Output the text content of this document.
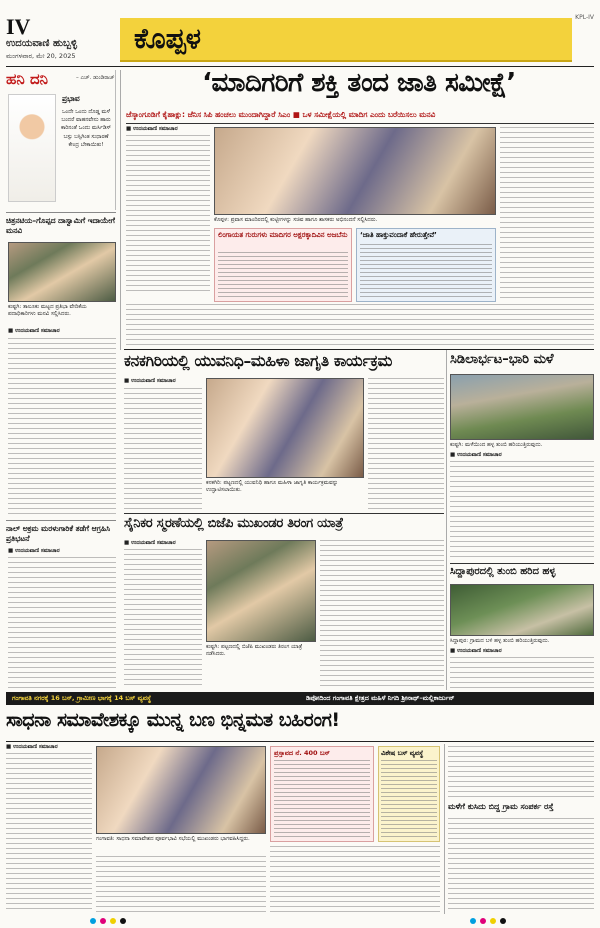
IV
ಉದಯವಾಣಿ ಹುಬ್ಬಳ್ಳಿ
ಮಂಗಳವಾರ, ಮೇ 20, 2025
ಕೊಪ್ಪಳ
KPL-IV
ಹನಿ ದನಿ	– ಎಚ್. ಡುಂಡಿರಾಜ್
ಪ್ರಭಾವ
ಒಂದೇ ಒಂದು ದೊಡ್ಡ ಮಳೆ ಬಂದರೆ ವಾಹನವೇನು ಹಾರು ಕಾರಿನಂತೆ ಒಂದು ಮರ್ಸಿಡಿಸ್ ಬಸ್ಸು ಬಸ್ಸಿಗಿಂತ ಸುಧಾರಣೆ ಕೇಂದ್ರ ಬೇಕಾಯಿತು!
‘ಮಾದಿಗರಿಗೆ ಶಕ್ತಿ ತಂದ ಜಾತಿ ಸಮೀಕ್ಷೆ’
ಜೆಸ್ಕಾಂಗೂಡಿಗೆ ಕೈಹಾಕ್ಲು: ಜೆನಿಸ ಸಿಪಿ ಹಂಚಲು ಮುಂದಾಗಿದ್ದಾರೆ ಸಿಎಂ ■ ಒಳ ಸಮೀಕ್ಷೆಯಲ್ಲಿ ಮಾದಿಗ ಎಂದು ಬರೆಯಿಸಲು ಮನವಿ
■ ಉದಯವಾಣಿ ಸಮಾಚಾರ
ಕೊಪ್ಪಳ: ಪ್ರವಾಸ ಮಾಂದಿರದಲ್ಲಿ ಕುಟ್ಟೀಗಳನ್ನು ಸಚಿವ ಹಾಗೂ ಶಾಸಕರು ಅಭಿನಂದನೆ ಸಲ್ಲಿಸಿದರು.
ಲಿಂಗಾಯತ ಗುರುಗಳು ಮಾದಿಗರ ಅಕ್ಷರಕ್ಕಾದಿವಿನ ಅಜಬೆನು ‘ಜಾತಿ ಹಾಕ್ತುವಂದಾಕೆ ಹೇರುತ್ತೇವೆ’
ಚಿತ್ರನಟಿಯ–ಗೊಪ್ಪದ ದಾಸ್ವಾಮಿಗೆ ಇದಾಯೇಗೆ ಮನವಿ
ಕುಷ್ಟಗಿ: ತಾಲೂಕು ಮಟ್ಟದ ಪ್ರತಿಭಾ ವೇದಿಕೆಯ ಪದಾಧಿಕಾರಿಗಳು ಮನವಿ ಸಲ್ಲಿಸಿದರು.
■ ಉದಯವಾಣಿ ಸಮಾಚಾರ
ನಾಲ್ ಅಕ್ರಮ ಮರಳುಗಾರಿಕೆ ತಡೆಗೆ ಆಗ್ರಹಿಸಿ ಪ್ರತಿಭಟನೆ
■ ಉದಯವಾಣಿ ಸಮಾಚಾರ
ಕನಕಗಿರಿಯಲ್ಲಿ ಯುವನಿಧಿ–ಮಹಿಳಾ ಜಾಗೃತಿ ಕಾರ್ಯಕ್ರಮ
■ ಉದಯವಾಣಿ ಸಮಾಚಾರ
ಕನಕಗಿರಿ: ಪಟ್ಟಣದಲ್ಲಿ ಯುವನಿಧಿ ಹಾಗೂ ಮಹಿಳಾ ಜಾಗೃತಿ ಕಾರ್ಯಕ್ರಮವನ್ನು ಉದ್ಘಾಟಿಸಲಾಯಿತು.
ಸಿಡಿಲಾರ್ಭಟ–ಭಾರಿ ಮಳೆ
ಕುಷ್ಟಗಿ: ಮಳೆಯಿಂದ ಹಳ್ಳ ತುಂಬಿ ಹರಿಯುತ್ತಿರುವುದು.
■ ಉದಯವಾಣಿ ಸಮಾಚಾರ
ಸೈನಿಕರ ಸ್ಮರಣೆಯಲ್ಲಿ ಬಿಜೆಪಿ ಮುಖಂಡರ ತಿರಂಗ ಯಾತ್ರೆ
■ ಉದಯವಾಣಿ ಸಮಾಚಾರ
ಕುಷ್ಟಗಿ: ಪಟ್ಟಣದಲ್ಲಿ ಬಿಜೆಪಿ ಮುಖಂಡರು ತಿರಂಗ ಯಾತ್ರೆ ನಡೆಸಿದರು.
ಸಿದ್ದಾಪುರದಲ್ಲಿ ತುಂಬಿ ಹರಿದ ಹಳ್ಳ
ಸಿದ್ದಾಪುರ: ಗ್ರಾಮದ ಬಳಿ ಹಳ್ಳ ತುಂಬಿ ಹರಿಯುತ್ತಿರುವುದು.
■ ಉದಯವಾಣಿ ಸಮಾಚಾರ
ಗಂಗಾವತಿ ನಗರಕ್ಕೆ 16 ಬಸ್, ಗ್ರಾಮೀಣ ಭಾಗಕ್ಕೆ 14 ಬಸ್ ವ್ಯವಸ್ಥೆ	ಡಿಪೋದಿಂದ ಗಂಗಾವತಿ ಕ್ಷೇತ್ರದ ಮಹಿಳೆ ನಿಗದಿ ಶ್ರೀನಾಥ್–ಮಲ್ಲಿಕಾರ್ಜುನ್
ಸಾಧನಾ ಸಮಾವೇಶಕ್ಕೂ ಮುನ್ನ ಬಣ ಭಿನ್ನಮತ ಬಹಿರಂಗ!
■ ಉದಯವಾಣಿ ಸಮಾಚಾರ
ಗಂಗಾವತಿ: ಸಾಧನಾ ಸಮಾವೇಶದ ಪೂರ್ವಭಾವಿ ಸಭೆಯಲ್ಲಿ ಮುಖಂಡರು ಭಾಗವಹಿಸಿದ್ದರು.
ಪ್ರಸ್ತಾವದ ನೆ. 400 ಬಸ್	ವಿಶೇಷ ಬಸ್ ವ್ಯವಸ್ಥೆ
ಮಳೆಗೆ ಕುಸಿದು ಬಿದ್ದ ಗ್ರಾಮ ಸಂಪರ್ಕ ರಸ್ತೆ
